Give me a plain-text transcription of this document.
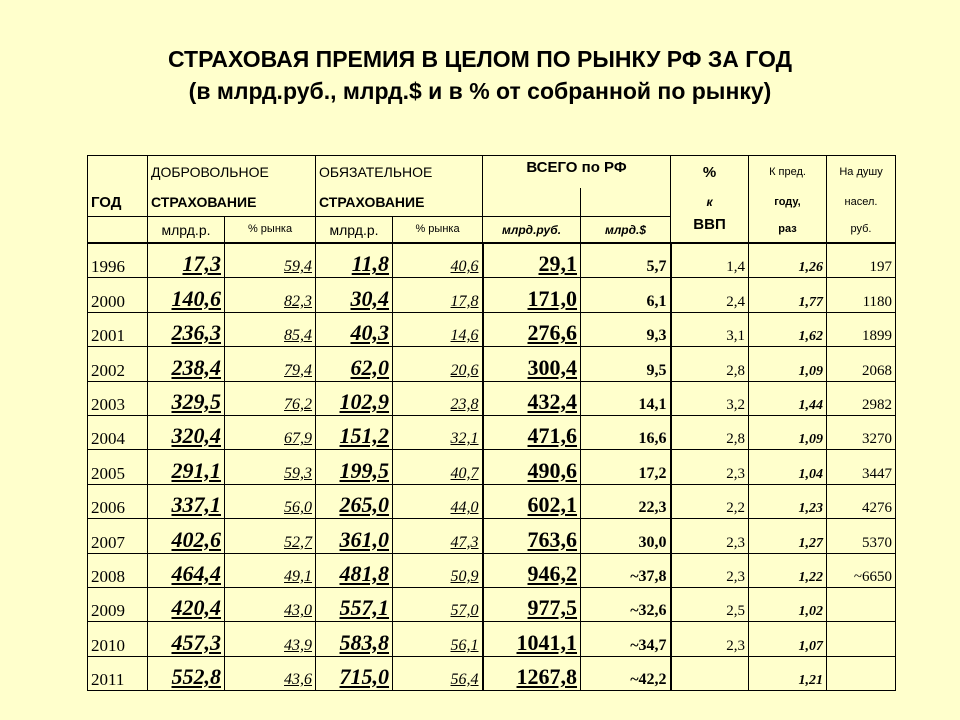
СТРАХОВАЯ ПРЕМИЯ В ЦЕЛОМ ПО РЫНКУ РФ ЗА ГОД
(в млрд.руб., млрд.$ и в % от собранной по рынку)
	ДОБРОВОЛЬНОЕ		ОБЯЗАТЕЛЬНОЕ		ВСЕГО по РФ		%	К пред.	На душу
ГОД	СТРАХОВАНИЕ		СТРАХОВАНИЕ				к	году,	насел.
	млрд.р.	% рынка	млрд.р.	% рынка	млрд.руб.	млрд.$	ВВП	раз	руб.
1996	17,3	59,4	11,8	40,6	29,1	5,7	1,4	1,26	197
2000	140,6	82,3	30,4	17,8	171,0	6,1	2,4	1,77	1180
2001	236,3	85,4	40,3	14,6	276,6	9,3	3,1	1,62	1899
2002	238,4	79,4	62,0	20,6	300,4	9,5	2,8	1,09	2068
2003	329,5	76,2	102,9	23,8	432,4	14,1	3,2	1,44	2982
2004	320,4	67,9	151,2	32,1	471,6	16,6	2,8	1,09	3270
2005	291,1	59,3	199,5	40,7	490,6	17,2	2,3	1,04	3447
2006	337,1	56,0	265,0	44,0	602,1	22,3	2,2	1,23	4276
2007	402,6	52,7	361,0	47,3	763,6	30,0	2,3	1,27	5370
2008	464,4	49,1	481,8	50,9	946,2	~37,8	2,3	1,22	~6650
2009	420,4	43,0	557,1	57,0	977,5	~32,6	2,5	1,02	
2010	457,3	43,9	583,8	56,1	1041,1	~34,7	2,3	1,07	
2011	552,8	43,6	715,0	56,4	1267,8	~42,2		1,21	
